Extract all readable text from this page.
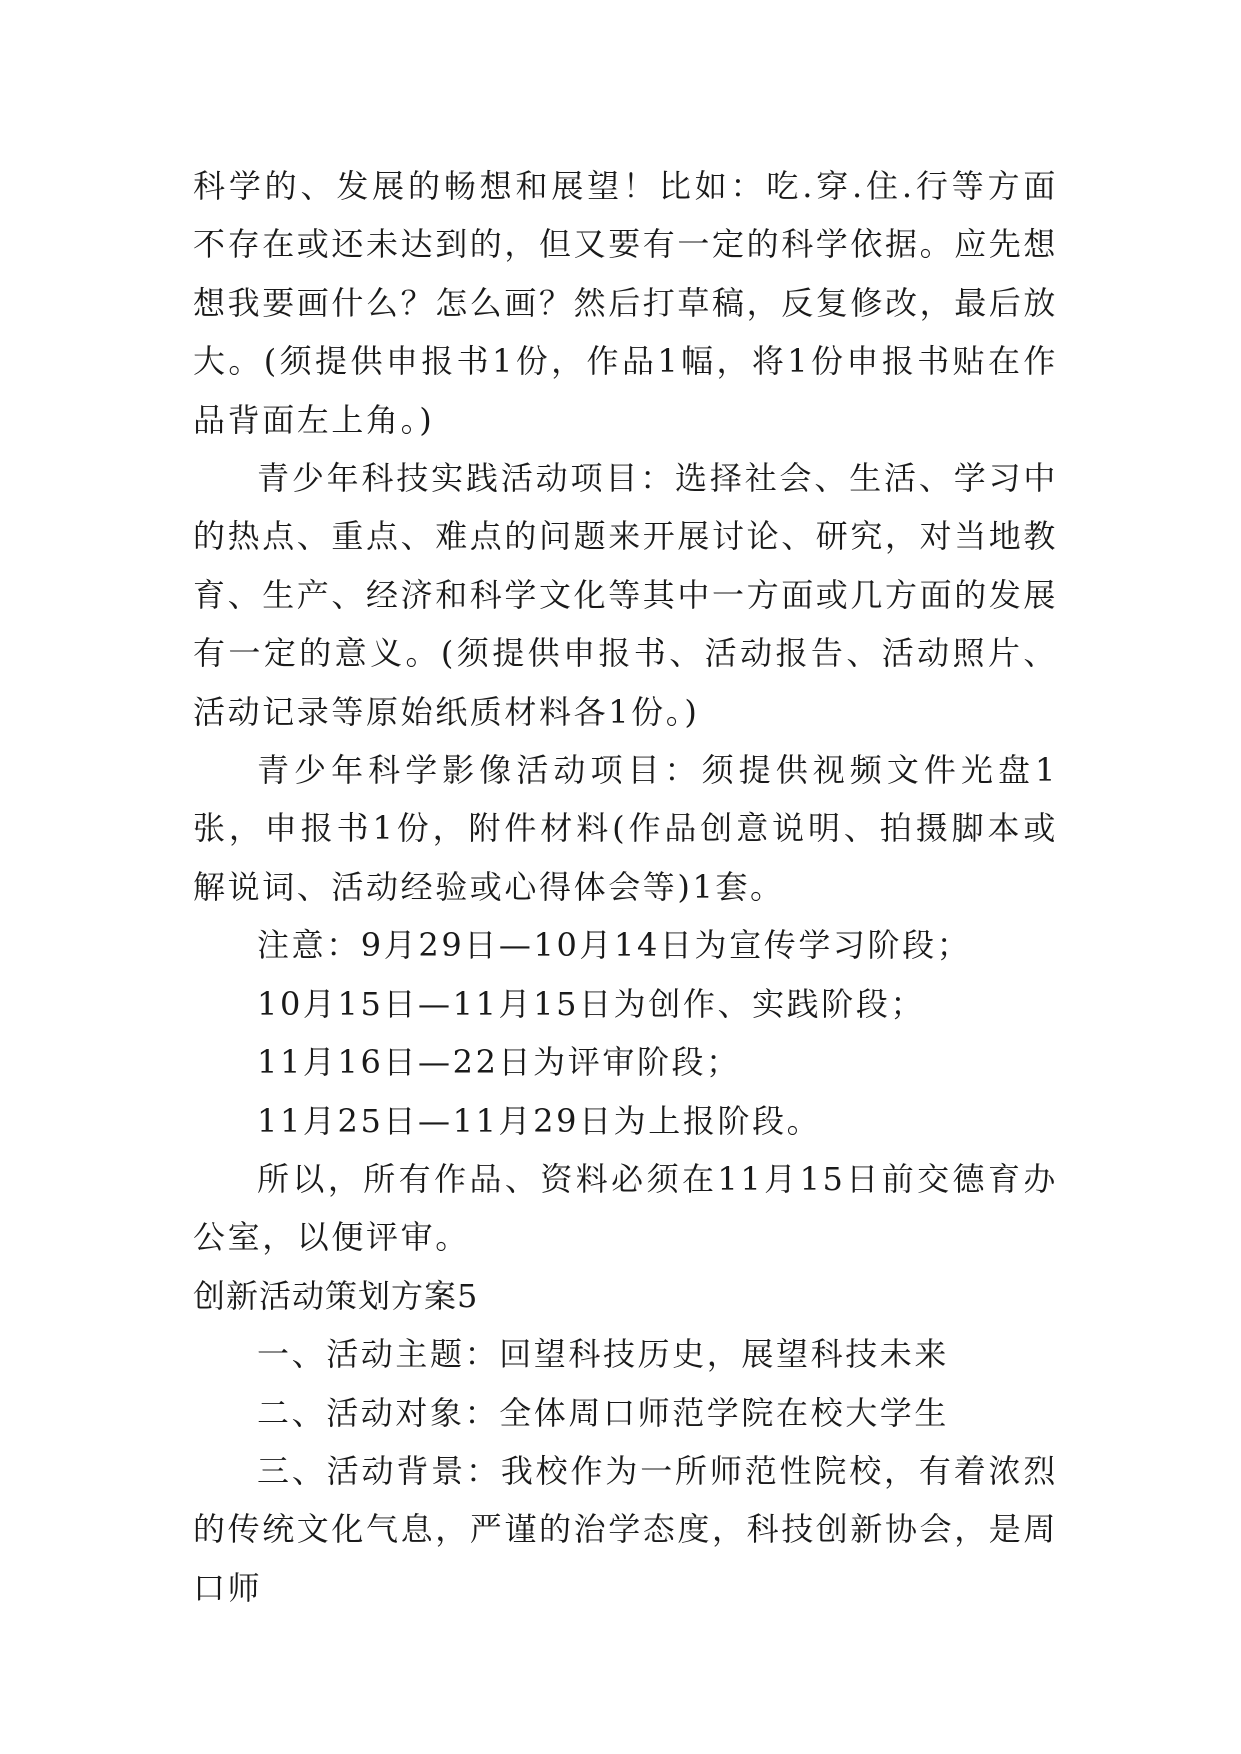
科学的、发展的畅想和展望！比如：吃.穿.住.行等方面不存在或还未达到的，但又要有一定的科学依据。应先想想我要画什么？怎么画？然后打草稿，反复修改，最后放大。(须提供申报书1份，作品1幅，将1份申报书贴在作品背面左上角。)

青少年科技实践活动项目：选择社会、生活、学习中的热点、重点、难点的问题来开展讨论、研究，对当地教育、生产、经济和科学文化等其中一方面或几方面的发展有一定的意义。(须提供申报书、活动报告、活动照片、活动记录等原始纸质材料各1份。)

青少年科学影像活动项目：须提供视频文件光盘1张，申报书1份，附件材料(作品创意说明、拍摄脚本或解说词、活动经验或心得体会等)1套。

注意：9月29日—10月14日为宣传学习阶段；

10月15日—11月15日为创作、实践阶段；

11月16日—22日为评审阶段；

11月25日—11月29日为上报阶段。

所以，所有作品、资料必须在11月15日前交德育办公室，以便评审。

创新活动策划方案5

一、活动主题：回望科技历史，展望科技未来

二、活动对象：全体周口师范学院在校大学生

三、活动背景：我校作为一所师范性院校，有着浓烈的传统文化气息，严谨的治学态度，科技创新协会，是周口师
